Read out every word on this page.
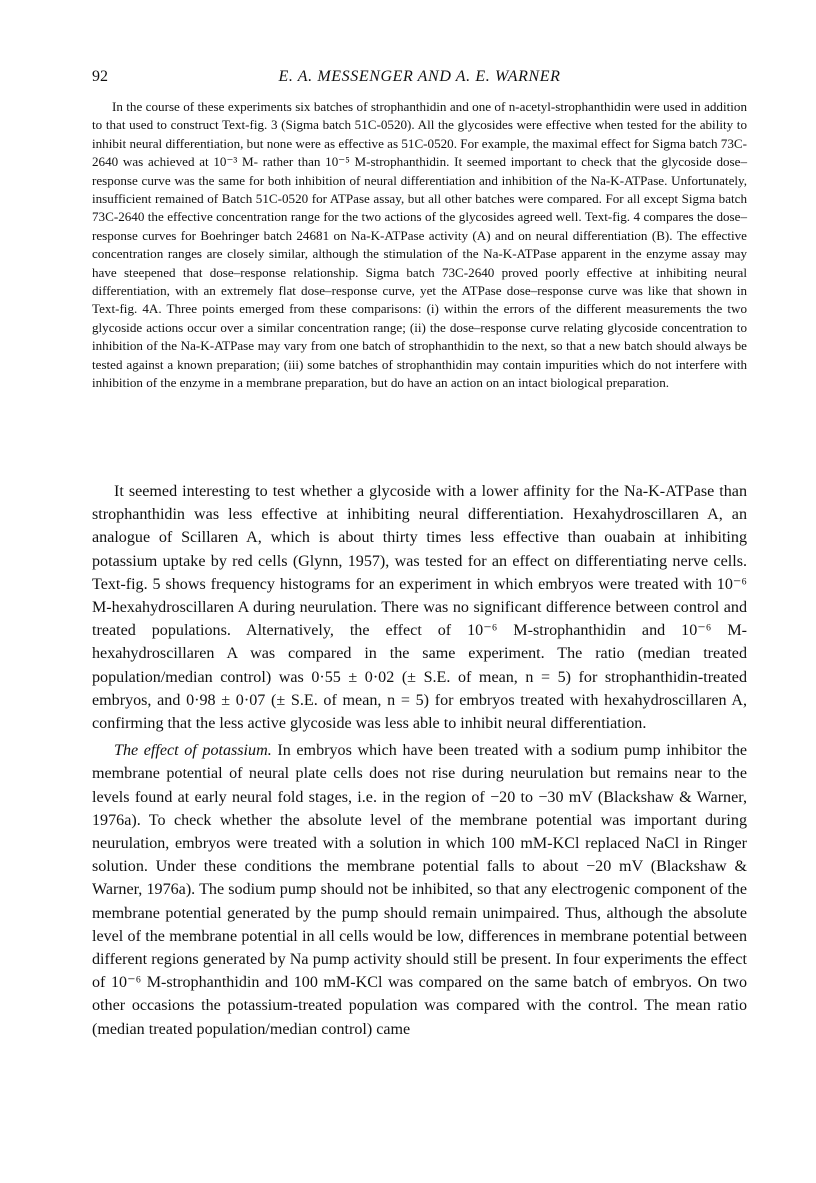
92	E. A. MESSENGER AND A. E. WARNER

In the course of these experiments six batches of strophanthidin and one of n-acetyl-strophanthidin were used in addition to that used to construct Text-fig. 3 (Sigma batch 51C-0520). All the glycosides were effective when tested for the ability to inhibit neural differentiation, but none were as effective as 51C-0520. For example, the maximal effect for Sigma batch 73C-2640 was achieved at 10⁻³ M- rather than 10⁻⁵ M-strophanthidin. It seemed important to check that the glycoside dose–response curve was the same for both inhibition of neural differentiation and inhibition of the Na-K-ATPase. Unfortunately, insufficient remained of Batch 51C-0520 for ATPase assay, but all other batches were compared. For all except Sigma batch 73C-2640 the effective concentration range for the two actions of the glycosides agreed well. Text-fig. 4 compares the dose–response curves for Boehringer batch 24681 on Na-K-ATPase activity (A) and on neural differentiation (B). The effective concentration ranges are closely similar, although the stimulation of the Na-K-ATPase apparent in the enzyme assay may have steepened that dose–response relationship. Sigma batch 73C-2640 proved poorly effective at inhibiting neural differentiation, with an extremely flat dose–response curve, yet the ATPase dose–response curve was like that shown in Text-fig. 4A. Three points emerged from these comparisons: (i) within the errors of the different measurements the two glycoside actions occur over a similar concentration range; (ii) the dose–response curve relating glycoside concentration to inhibition of the Na-K-ATPase may vary from one batch of strophanthidin to the next, so that a new batch should always be tested against a known preparation; (iii) some batches of strophanthidin may contain impurities which do not interfere with inhibition of the enzyme in a membrane preparation, but do have an action on an intact biological preparation.

It seemed interesting to test whether a glycoside with a lower affinity for the Na-K-ATPase than strophanthidin was less effective at inhibiting neural differentiation. Hexahydroscillaren A, an analogue of Scillaren A, which is about thirty times less effective than ouabain at inhibiting potassium uptake by red cells (Glynn, 1957), was tested for an effect on differentiating nerve cells. Text-fig. 5 shows frequency histograms for an experiment in which embryos were treated with 10⁻⁶ M-hexahydroscillaren A during neurulation. There was no significant difference between control and treated populations. Alternatively, the effect of 10⁻⁶ M-strophanthidin and 10⁻⁶ M-hexahydroscillaren A was compared in the same experiment. The ratio (median treated population/median control) was 0·55 ± 0·02 (± S.E. of mean, n = 5) for strophanthidin-treated embryos, and 0·98 ± 0·07 (± S.E. of mean, n = 5) for embryos treated with hexahydroscillaren A, confirming that the less active glycoside was less able to inhibit neural differentiation.

The effect of potassium. In embryos which have been treated with a sodium pump inhibitor the membrane potential of neural plate cells does not rise during neurulation but remains near to the levels found at early neural fold stages, i.e. in the region of −20 to −30 mV (Blackshaw & Warner, 1976a). To check whether the absolute level of the membrane potential was important during neurulation, embryos were treated with a solution in which 100 mM-KCl replaced NaCl in Ringer solution. Under these conditions the membrane potential falls to about −20 mV (Blackshaw & Warner, 1976a). The sodium pump should not be inhibited, so that any electrogenic component of the membrane potential generated by the pump should remain unimpaired. Thus, although the absolute level of the membrane potential in all cells would be low, differences in membrane potential between different regions generated by Na pump activity should still be present. In four experiments the effect of 10⁻⁶ M-strophanthidin and 100 mM-KCl was compared on the same batch of embryos. On two other occasions the potassium-treated population was compared with the control. The mean ratio (median treated population/median control) came
